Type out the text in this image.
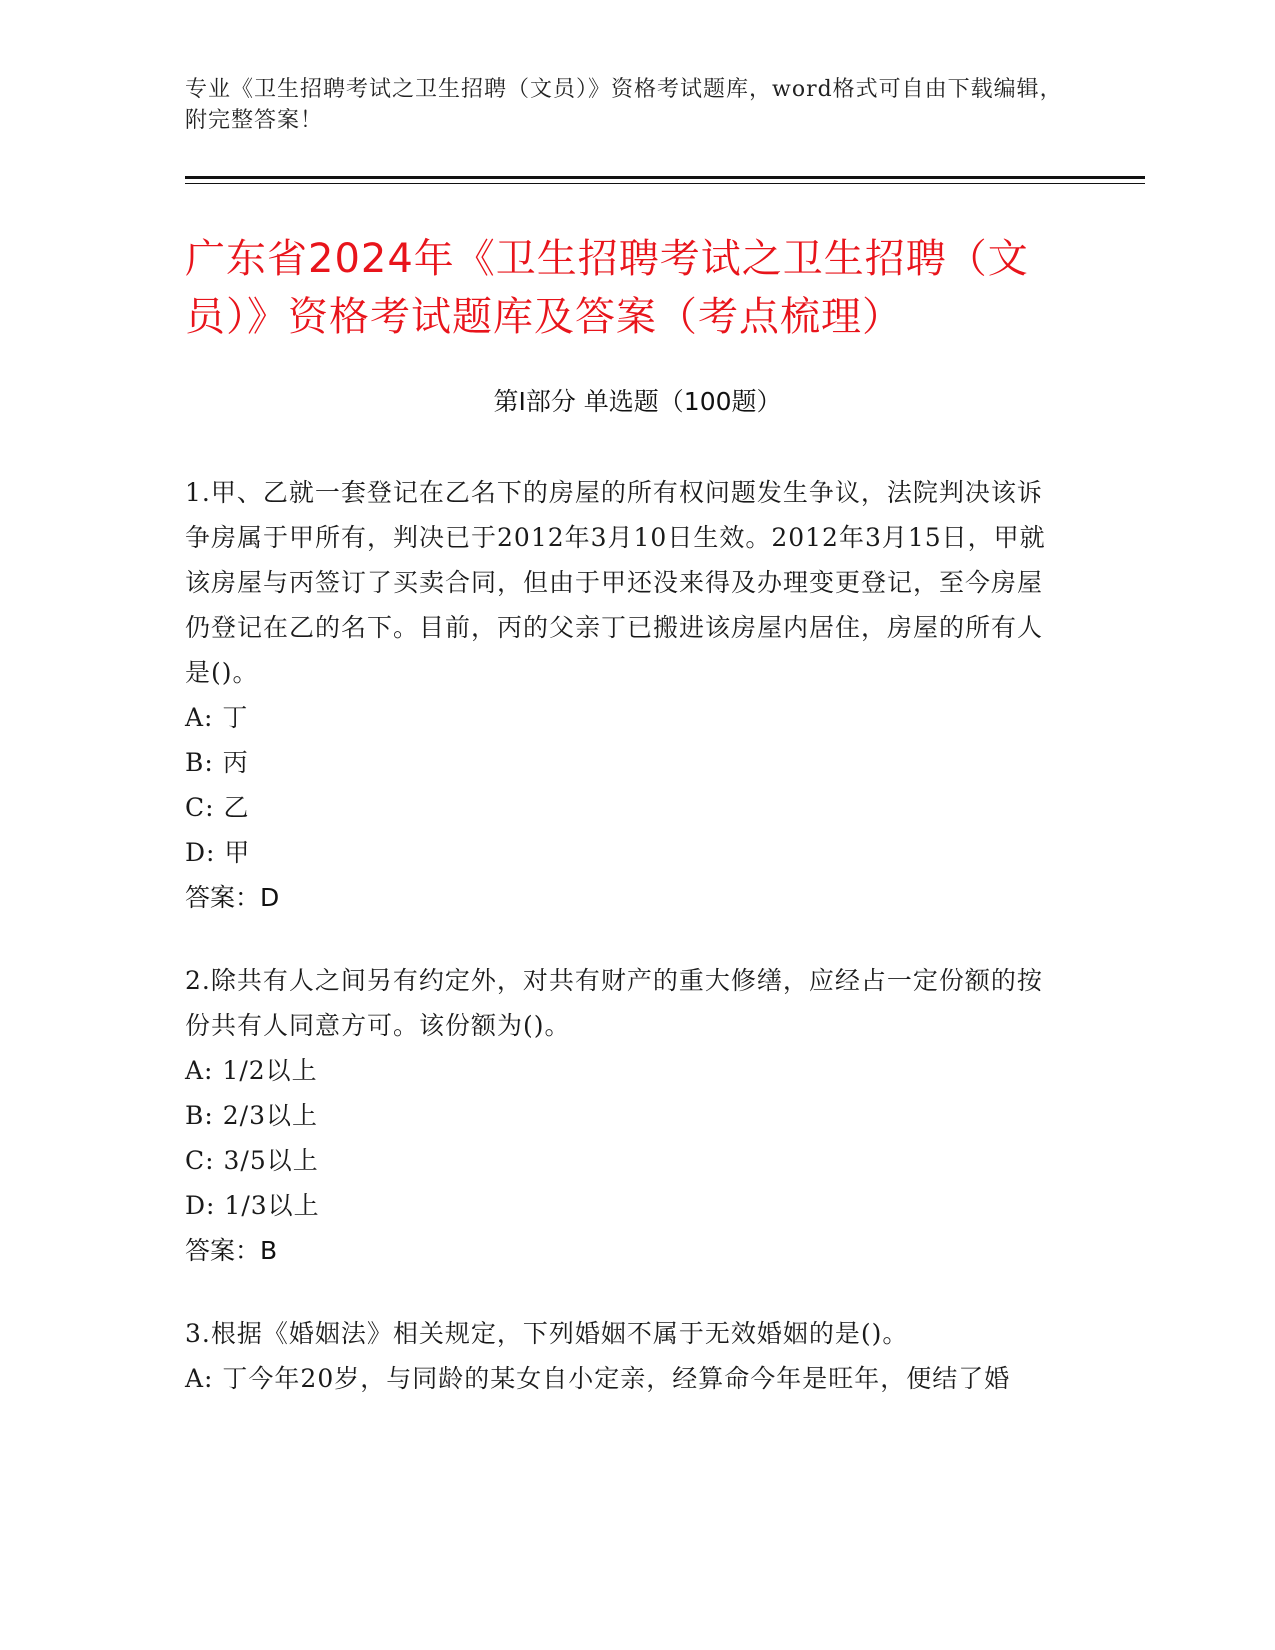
专业《卫生招聘考试之卫生招聘（文员）》资格考试题库，word格式可自由下载编辑，附完整答案！
广东省2024年《卫生招聘考试之卫生招聘（文员）》资格考试题库及答案（考点梳理）
第I部分 单选题（100题）
1.甲、乙就一套登记在乙名下的房屋的所有权问题发生争议，法院判决该诉争房属于甲所有，判决已于2012年3月10日生效。2012年3月15日，甲就该房屋与丙签订了买卖合同，但由于甲还没来得及办理变更登记，至今房屋仍登记在乙的名下。目前，丙的父亲丁已搬进该房屋内居住，房屋的所有人是()。
A: 丁
B: 丙
C: 乙
D: 甲
答案：D
2.除共有人之间另有约定外，对共有财产的重大修缮，应经占一定份额的按份共有人同意方可。该份额为()。
A: 1/2以上
B: 2/3以上
C: 3/5以上
D: 1/3以上
答案：B
3.根据《婚姻法》相关规定，下列婚姻不属于无效婚姻的是()。
A: 丁今年20岁，与同龄的某女自小定亲，经算命今年是旺年，便结了婚
